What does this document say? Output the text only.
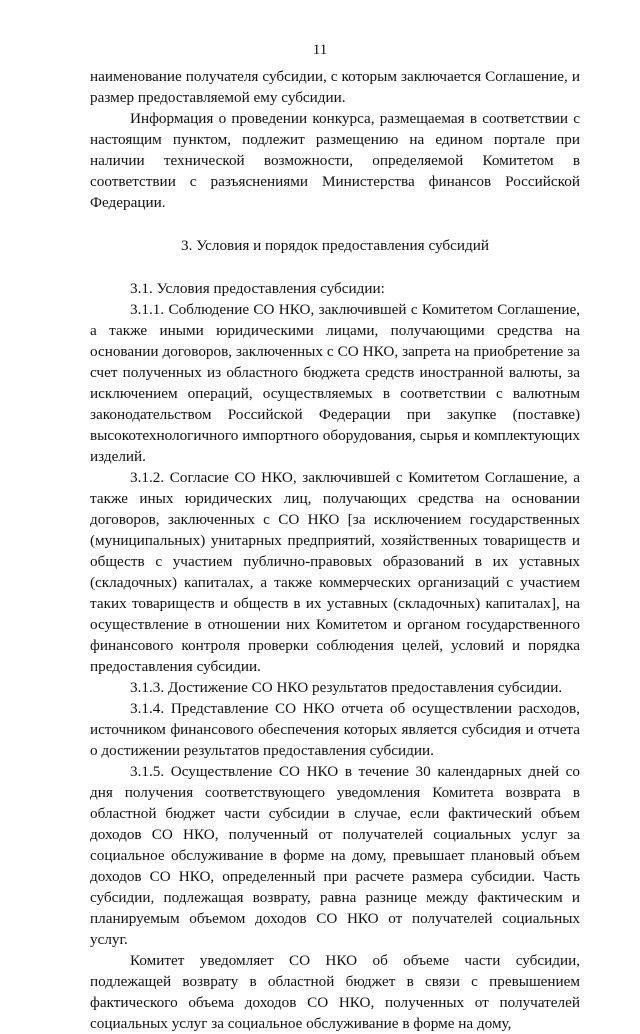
11

наименование получателя субсидии, с которым заключается Соглашение, и размер предоставляемой ему субсидии.

Информация о проведении конкурса, размещаемая в соответствии с настоящим пунктом, подлежит размещению на едином портале при наличии технической возможности, определяемой Комитетом в соответствии с разъяснениями Министерства финансов Российской Федерации.

3. Условия и порядок предоставления субсидий

3.1. Условия предоставления субсидии:

3.1.1. Соблюдение СО НКО, заключившей с Комитетом Соглашение, а также иными юридическими лицами, получающими средства на основании договоров, заключенных с СО НКО, запрета на приобретение за счет полученных из областного бюджета средств иностранной валюты, за исключением операций, осуществляемых в соответствии с валютным законодательством Российской Федерации при закупке (поставке) высокотехнологичного импортного оборудования, сырья и комплектующих изделий.

3.1.2. Согласие СО НКО, заключившей с Комитетом Соглашение, а также иных юридических лиц, получающих средства на основании договоров, заключенных с СО НКО [за исключением государственных (муниципальных) унитарных предприятий, хозяйственных товариществ и обществ с участием публично-правовых образований в их уставных (складочных) капиталах, а также коммерческих организаций с участием таких товариществ и обществ в их уставных (складочных) капиталах], на осуществление в отношении них Комитетом и органом государственного финансового контроля проверки соблюдения целей, условий и порядка предоставления субсидии.

3.1.3. Достижение СО НКО результатов предоставления субсидии.

3.1.4. Представление СО НКО отчета об осуществлении расходов, источником финансового обеспечения которых является субсидия и отчета о достижении результатов предоставления субсидии.

3.1.5. Осуществление СО НКО в течение 30 календарных дней со дня получения соответствующего уведомления Комитета возврата в областной бюджет части субсидии в случае, если фактический объем доходов СО НКО, полученный от получателей социальных услуг за социальное обслуживание в форме на дому, превышает плановый объем доходов СО НКО, определенный при расчете размера субсидии. Часть субсидии, подлежащая возврату, равна разнице между фактическим и планируемым объемом доходов СО НКО от получателей социальных услуг.

Комитет уведомляет СО НКО об объеме части субсидии, подлежащей возврату в областной бюджет в связи с превышением фактического объема доходов СО НКО, полученных от получателей социальных услуг за социальное обслуживание в форме на дому,
